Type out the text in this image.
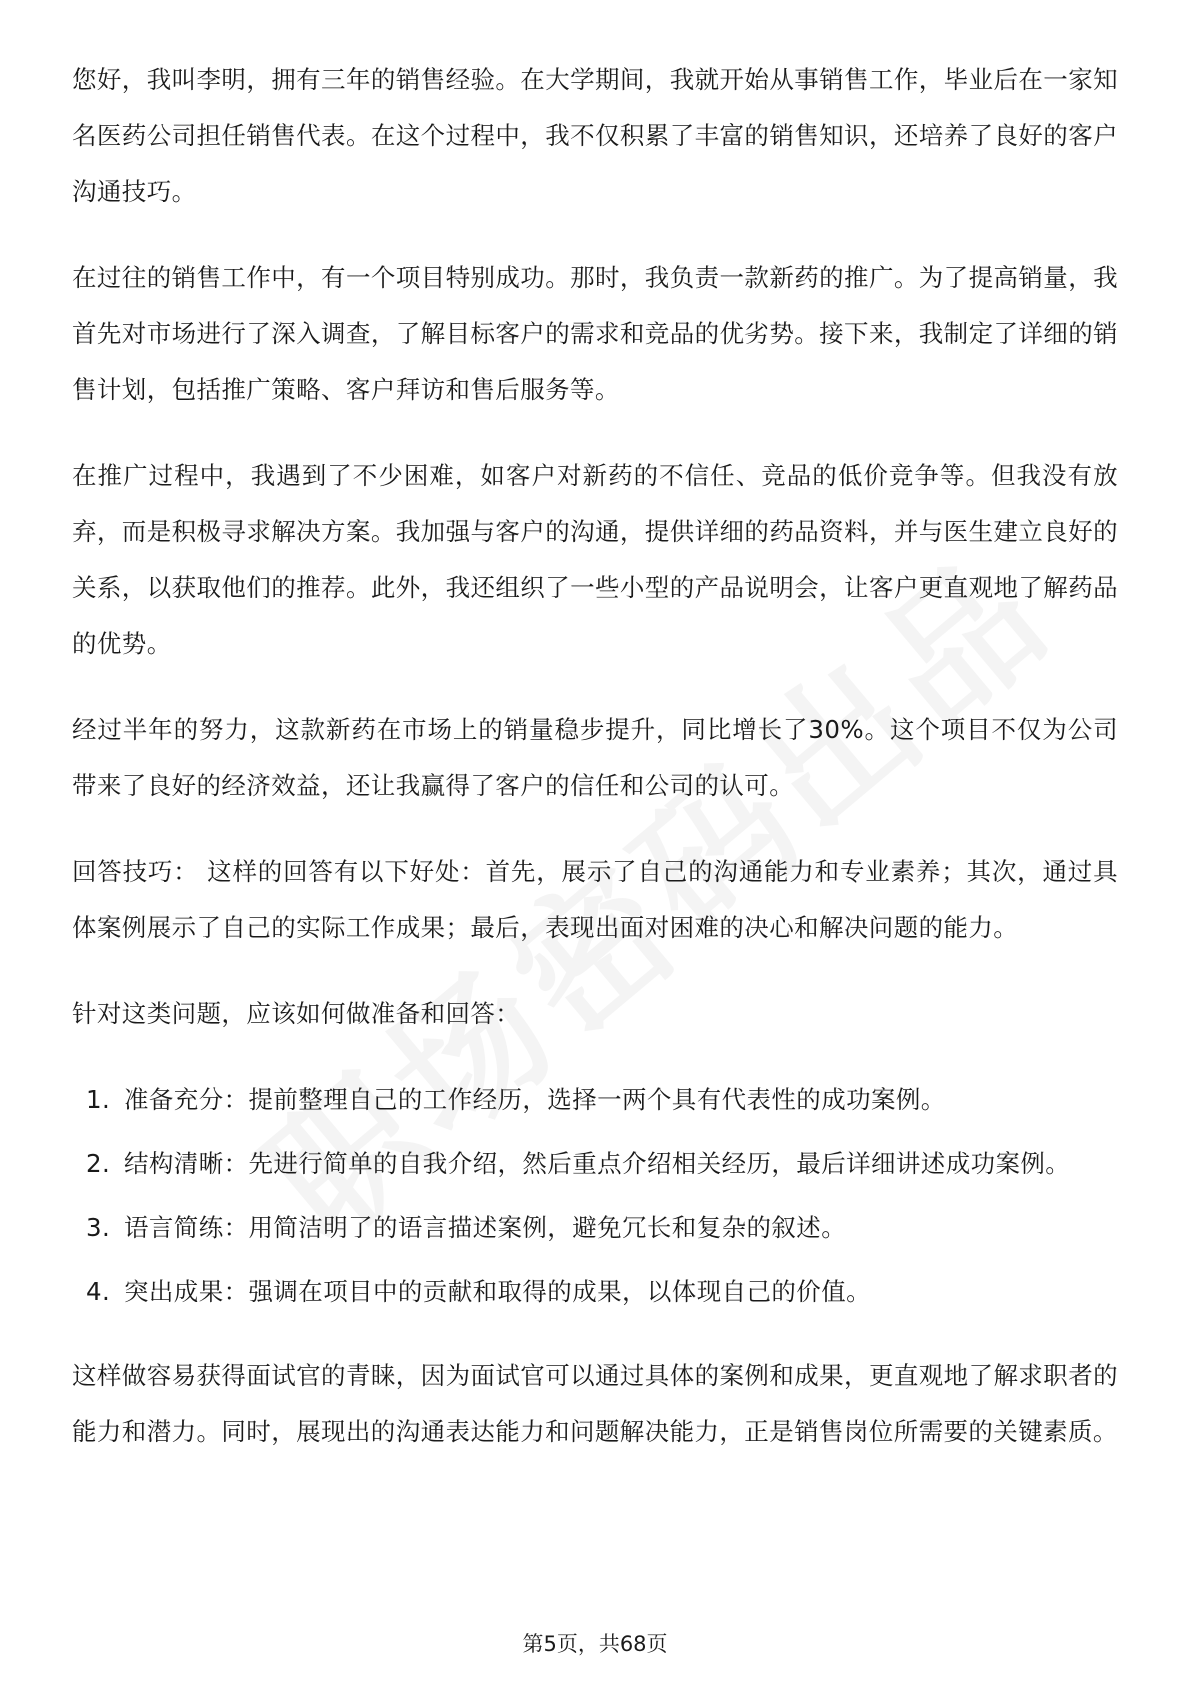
您好，我叫李明，拥有三年的销售经验。在大学期间，我就开始从事销售工作，毕业后在一家知名医药公司担任销售代表。在这个过程中，我不仅积累了丰富的销售知识，还培养了良好的客户沟通技巧。

在过往的销售工作中，有一个项目特别成功。那时，我负责一款新药的推广。为了提高销量，我首先对市场进行了深入调查，了解目标客户的需求和竞品的优劣势。接下来，我制定了详细的销售计划，包括推广策略、客户拜访和售后服务等。

在推广过程中，我遇到了不少困难，如客户对新药的不信任、竞品的低价竞争等。但我没有放弃，而是积极寻求解决方案。我加强与客户的沟通，提供详细的药品资料，并与医生建立良好的关系，以获取他们的推荐。此外，我还组织了一些小型的产品说明会，让客户更直观地了解药品的优势。

经过半年的努力，这款新药在市场上的销量稳步提升，同比增长了30%。这个项目不仅为公司带来了良好的经济效益，还让我赢得了客户的信任和公司的认可。

回答技巧： 这样的回答有以下好处：首先，展示了自己的沟通能力和专业素养；其次，通过具体案例展示了自己的实际工作成果；最后，表现出面对困难的决心和解决问题的能力。

针对这类问题，应该如何做准备和回答：

1. 准备充分：提前整理自己的工作经历，选择一两个具有代表性的成功案例。
2. 结构清晰：先进行简单的自我介绍，然后重点介绍相关经历，最后详细讲述成功案例。
3. 语言简练：用简洁明了的语言描述案例，避免冗长和复杂的叙述。
4. 突出成果：强调在项目中的贡献和取得的成果，以体现自己的价值。

这样做容易获得面试官的青睐，因为面试官可以通过具体的案例和成果，更直观地了解求职者的能力和潜力。同时，展现出的沟通表达能力和问题解决能力，正是销售岗位所需要的关键素质。

第5页，共68页
